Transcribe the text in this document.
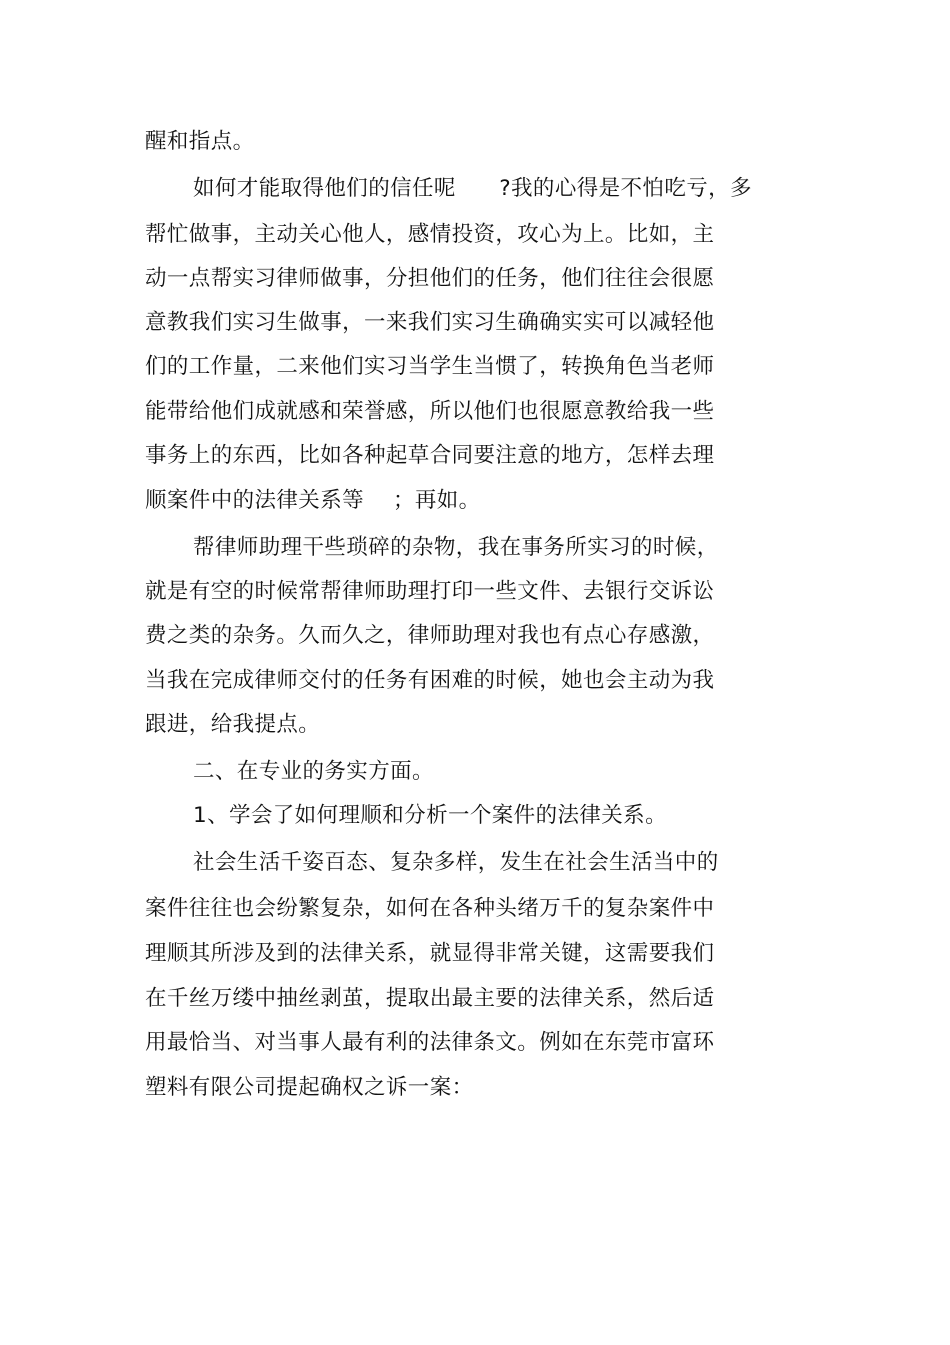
醒和指点。

如何才能取得他们的信任呢      ?我的心得是不怕吃亏，多

帮忙做事，主动关心他人，感情投资，攻心为上。比如，主

动一点帮实习律师做事，分担他们的任务，他们往往会很愿

意教我们实习生做事，一来我们实习生确确实实可以减轻他

们的工作量，二来他们实习当学生当惯了，转换角色当老师

能带给他们成就感和荣誉感，所以他们也很愿意教给我一些

事务上的东西，比如各种起草合同要注意的地方，怎样去理

顺案件中的法律关系等    ；再如。

帮律师助理干些琐碎的杂物，我在事务所实习的时候，

就是有空的时候常帮律师助理打印一些文件、去银行交诉讼

费之类的杂务。久而久之，律师助理对我也有点心存感激，

当我在完成律师交付的任务有困难的时候，她也会主动为我

跟进，给我提点。

二、在专业的务实方面。

1、学会了如何理顺和分析一个案件的法律关系。

社会生活千姿百态、复杂多样，发生在社会生活当中的

案件往往也会纷繁复杂，如何在各种头绪万千的复杂案件中

理顺其所涉及到的法律关系，就显得非常关键，这需要我们

在千丝万缕中抽丝剥茧，提取出最主要的法律关系，然后适

用最恰当、对当事人最有利的法律条文。例如在东莞市富环

塑料有限公司提起确权之诉一案：
